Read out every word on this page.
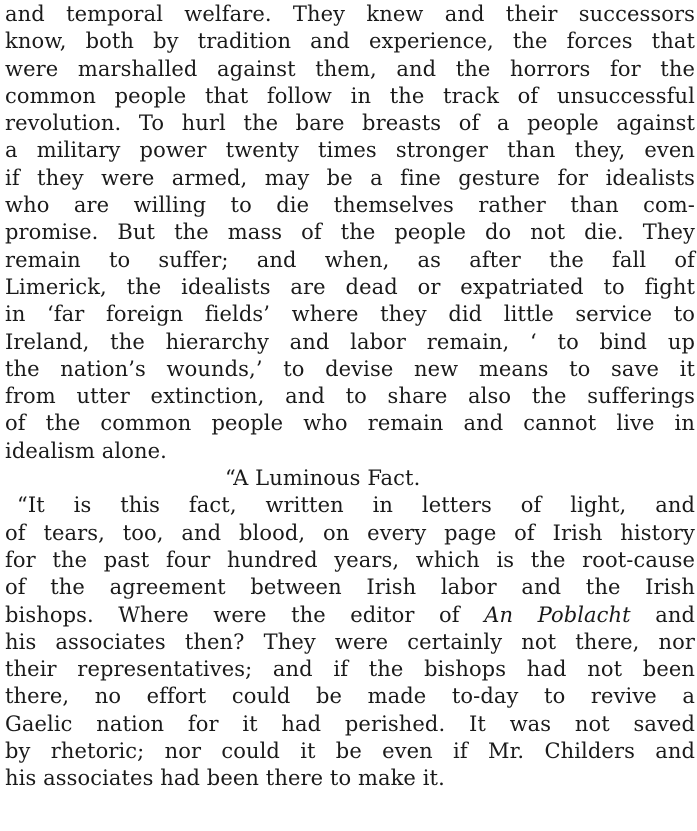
and temporal welfare. They knew and their successors
know, both by tradition and experience, the forces that
were marshalled against them, and the horrors for the
common people that follow in the track of unsuccessful
revolution. To hurl the bare breasts of a people against
a military power twenty times stronger than they, even
if they were armed, may be a fine gesture for idealists
who are willing to die themselves rather than com-
promise. But the mass of the people do not die. They
remain to suffer; and when, as after the fall of
Limerick, the idealists are dead or expatriated to fight
in ‘far foreign fields’ where they did little service to
Ireland, the hierarchy and labor remain, ‘ to bind up
the nation’s wounds,’ to devise new means to save it
from utter extinction, and to share also the sufferings
of the common people who remain and cannot live in
idealism alone.
“A Luminous Fact.
“It is this fact, written in letters of light, and
of tears, too, and blood, on every page of Irish history
for the past four hundred years, which is the root-cause
of the agreement between Irish labor and the Irish
bishops. Where were the editor of An Poblacht and
his associates then? They were certainly not there, nor
their representatives; and if the bishops had not been
there, no effort could be made to-day to revive a
Gaelic nation for it had perished. It was not saved
by rhetoric; nor could it be even if Mr. Childers and
his associates had been there to make it.
